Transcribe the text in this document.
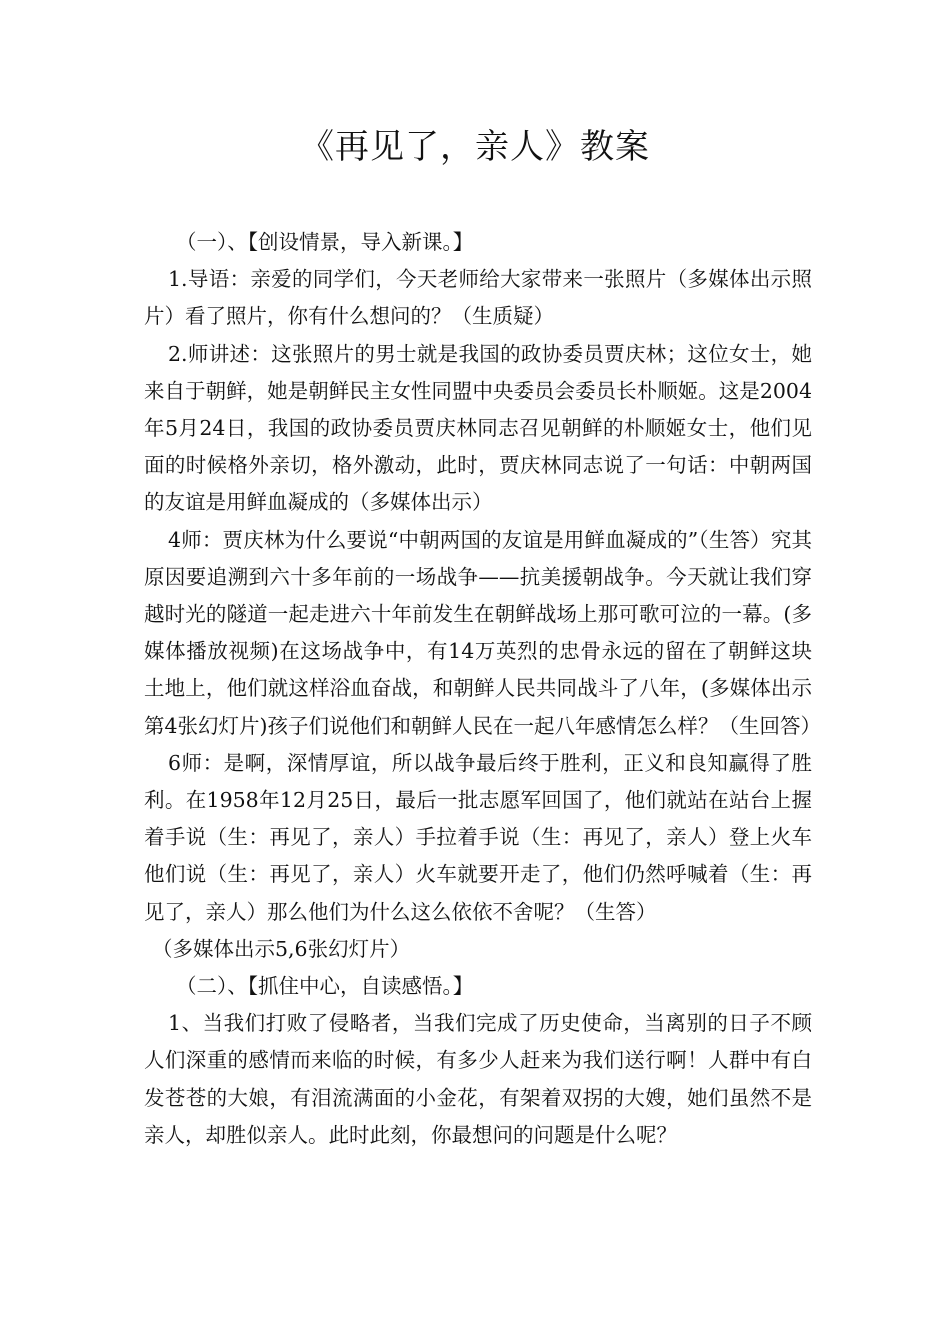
《再见了，亲人》教案

（一）、【创设情景，导入新课。】

1.导语：亲爱的同学们，今天老师给大家带来一张照片（多媒体出示照片）看了照片，你有什么想问的？（生质疑）

2.师讲述：这张照片的男士就是我国的政协委员贾庆林；这位女士，她来自于朝鲜，她是朝鲜民主女性同盟中央委员会委员长朴顺姬。这是2004年5月24日，我国的政协委员贾庆林同志召见朝鲜的朴顺姬女士，他们见面的时候格外亲切，格外激动，此时，贾庆林同志说了一句话：中朝两国的友谊是用鲜血凝成的（多媒体出示）

4师：贾庆林为什么要说“中朝两国的友谊是用鲜血凝成的”（生答）究其原因要追溯到六十多年前的一场战争——抗美援朝战争。今天就让我们穿越时光的隧道一起走进六十年前发生在朝鲜战场上那可歌可泣的一幕。(多媒体播放视频)在这场战争中，有14万英烈的忠骨永远的留在了朝鲜这块土地上，他们就这样浴血奋战，和朝鲜人民共同战斗了八年，(多媒体出示第4张幻灯片)孩子们说他们和朝鲜人民在一起八年感情怎么样？（生回答）

6师：是啊，深情厚谊，所以战争最后终于胜利，正义和良知赢得了胜利。在1958年12月25日，最后一批志愿军回国了，他们就站在站台上握着手说（生：再见了，亲人）手拉着手说（生：再见了，亲人）登上火车他们说（生：再见了，亲人）火车就要开走了，他们仍然呼喊着（生：再见了，亲人）那么他们为什么这么依依不舍呢？（生答）

（多媒体出示5,6张幻灯片）

（二）、【抓住中心，自读感悟。】

1、当我们打败了侵略者，当我们完成了历史使命，当离别的日子不顾人们深重的感情而来临的时候，有多少人赶来为我们送行啊！人群中有白发苍苍的大娘，有泪流满面的小金花，有架着双拐的大嫂，她们虽然不是亲人，却胜似亲人。此时此刻，你最想问的问题是什么呢？
